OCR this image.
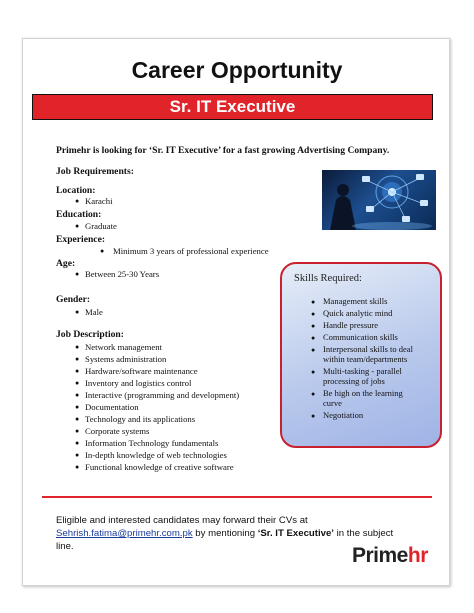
Career Opportunity
Sr. IT Executive
Primehr is looking for ‘Sr. IT Executive’ for a fast growing Advertising Company.
Job Requirements:
Location:
● Karachi
Education:
● Graduate
Experience:
● Minimum 3 years of professional experience
Age:
● Between 25-30 Years
Gender:
● Male
Job Description:
● Network management
● Systems administration
● Hardware/software maintenance
● Inventory and logistics control
● Interactive (programming and development)
● Documentation
● Technology and its applications
● Corporate systems
● Information Technology fundamentals
● In-depth knowledge of web technologies
● Functional knowledge of creative software
Skills Required:
● Management skills
● Quick analytic mind
● Handle pressure
● Communication skills
● Interpersonal skills to deal
within team/departments
● Multi-tasking - parallel
processing of jobs
● Be high on the learning
curve
● Negotiation
Eligible and interested candidates may forward their CVs at
Sehrish.fatima@primehr.com.pk by mentioning ‘Sr. IT Executive’ in the subject
line.	Primehr
